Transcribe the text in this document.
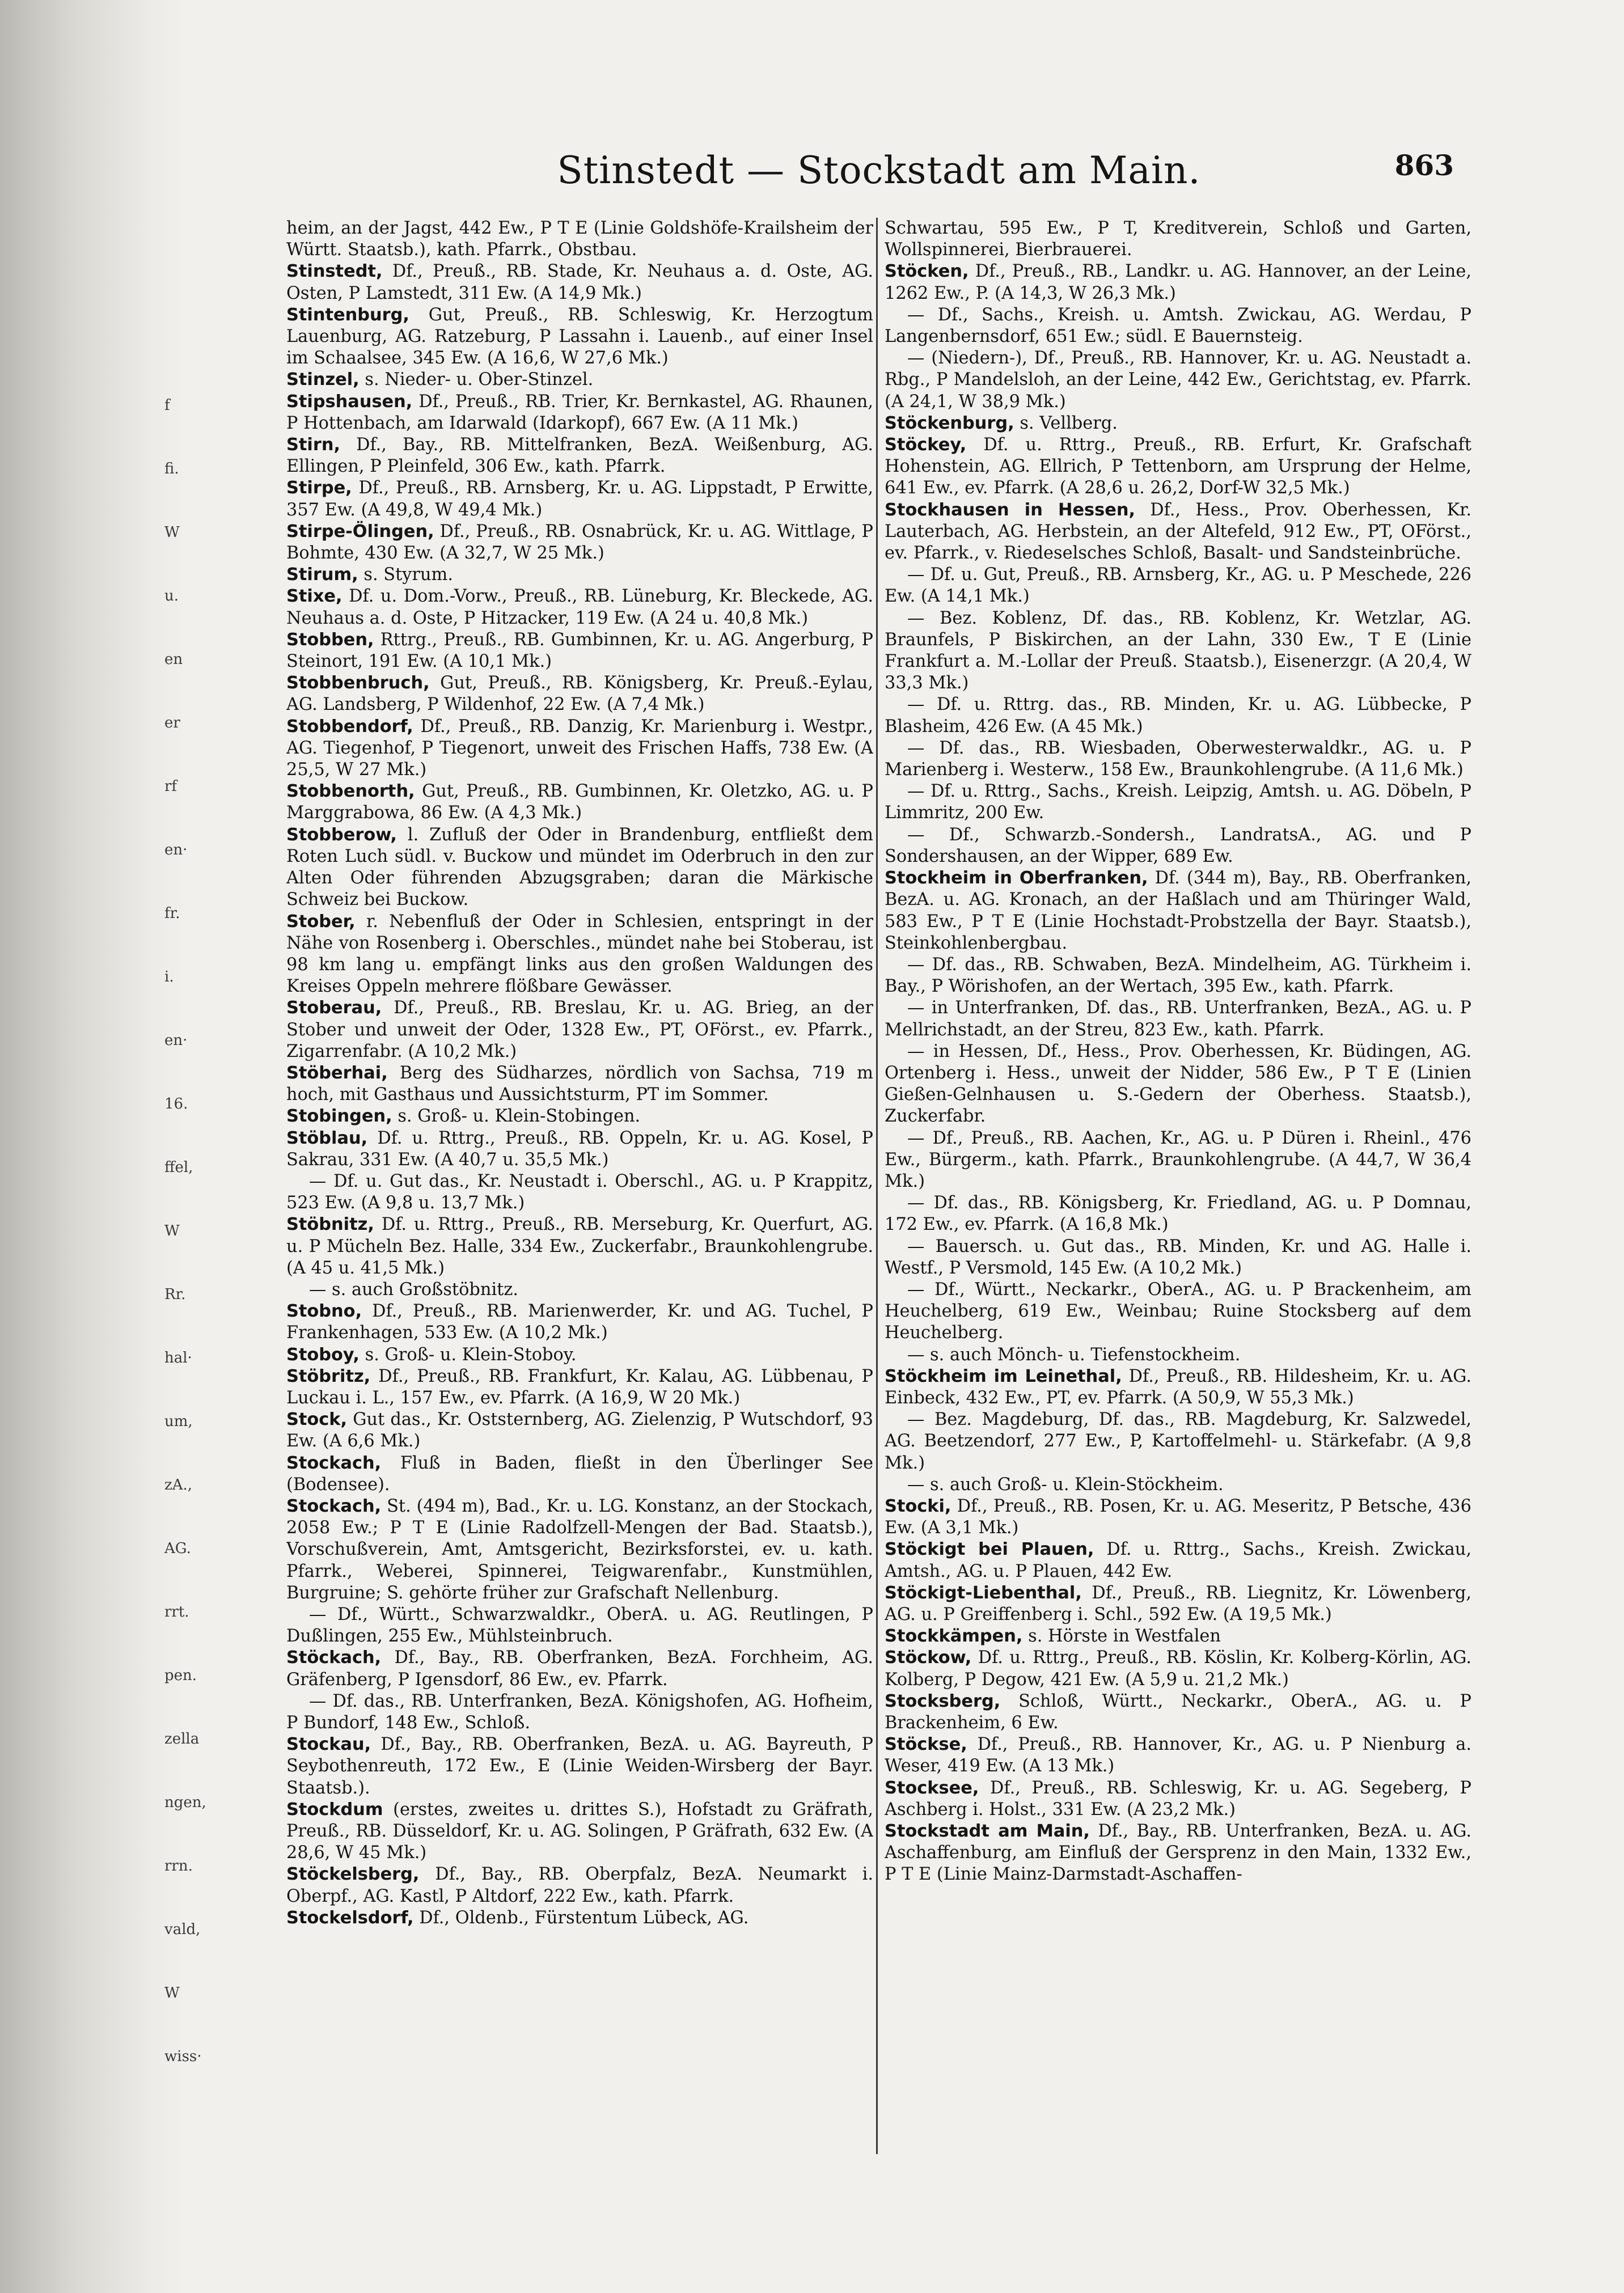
Stinstedt — Stockstadt am Main.	863
f
fi.
W
u.
en
er
rf
en·
fr.
i.
en·
16.
ffel,
W
Rr.
hal·
um,
zA.,
AG.
rrt.
pen.
zella
ngen,
rrn.
vald,
W
wiss·

heim, an der Jagst, 442 Ew., P T E (Linie Goldshöfe-Krailsheim der Württ. Staatsb.), kath. Pfarrk., Obstbau.

Stinstedt, Df., Preuß., RB. Stade, Kr. Neuhaus a. d. Oste, AG. Osten, P Lamstedt, 311 Ew. (A 14,9 Mk.)

Stintenburg, Gut, Preuß., RB. Schleswig, Kr. Herzogtum Lauenburg, AG. Ratzeburg, P Lassahn i. Lauenb., auf einer Insel im Schaalsee, 345 Ew. (A 16,6, W 27,6 Mk.)

Stinzel, s. Nieder- u. Ober-Stinzel.

Stipshausen, Df., Preuß., RB. Trier, Kr. Bernkastel, AG. Rhaunen, P Hottenbach, am Idarwald (Idarkopf), 667 Ew. (A 11 Mk.)

Stirn, Df., Bay., RB. Mittelfranken, BezA. Weißenburg, AG. Ellingen, P Pleinfeld, 306 Ew., kath. Pfarrk.

Stirpe, Df., Preuß., RB. Arnsberg, Kr. u. AG. Lippstadt, P Erwitte, 357 Ew. (A 49,8, W 49,4 Mk.)

Stirpe-Ölingen, Df., Preuß., RB. Osnabrück, Kr. u. AG. Wittlage, P Bohmte, 430 Ew. (A 32,7, W 25 Mk.)

Stirum, s. Styrum.

Stixe, Df. u. Dom.-Vorw., Preuß., RB. Lüneburg, Kr. Bleckede, AG. Neuhaus a. d. Oste, P Hitzacker, 119 Ew. (A 24 u. 40,8 Mk.)

Stobben, Rttrg., Preuß., RB. Gumbinnen, Kr. u. AG. Angerburg, P Steinort, 191 Ew. (A 10,1 Mk.)

Stobbenbruch, Gut, Preuß., RB. Königsberg, Kr. Preuß.-Eylau, AG. Landsberg, P Wildenhof, 22 Ew. (A 7,4 Mk.)

Stobbendorf, Df., Preuß., RB. Danzig, Kr. Marienburg i. Westpr., AG. Tiegenhof, P Tiegenort, unweit des Frischen Haffs, 738 Ew. (A 25,5, W 27 Mk.)

Stobbenorth, Gut, Preuß., RB. Gumbinnen, Kr. Oletzko, AG. u. P Marggrabowa, 86 Ew. (A 4,3 Mk.)

Stobberow, l. Zufluß der Oder in Brandenburg, entfließt dem Roten Luch südl. v. Buckow und mündet im Oderbruch in den zur Alten Oder führenden Abzugsgraben; daran die Märkische Schweiz bei Buckow.

Stober, r. Nebenfluß der Oder in Schlesien, entspringt in der Nähe von Rosenberg i. Oberschles., mündet nahe bei Stoberau, ist 98 km lang u. empfängt links aus den großen Waldungen des Kreises Oppeln mehrere flößbare Gewässer.

Stoberau, Df., Preuß., RB. Breslau, Kr. u. AG. Brieg, an der Stober und unweit der Oder, 1328 Ew., PT, OFörst., ev. Pfarrk., Zigarrenfabr. (A 10,2 Mk.)

Stöberhai, Berg des Südharzes, nördlich von Sachsa, 719 m hoch, mit Gasthaus und Aussichtsturm, PT im Sommer.

Stobingen, s. Groß- u. Klein-Stobingen.

Stöblau, Df. u. Rttrg., Preuß., RB. Oppeln, Kr. u. AG. Kosel, P Sakrau, 331 Ew. (A 40,7 u. 35,5 Mk.)

— Df. u. Gut das., Kr. Neustadt i. Oberschl., AG. u. P Krappitz, 523 Ew. (A 9,8 u. 13,7 Mk.)

Stöbnitz, Df. u. Rttrg., Preuß., RB. Merseburg, Kr. Querfurt, AG. u. P Mücheln Bez. Halle, 334 Ew., Zuckerfabr., Braunkohlengrube. (A 45 u. 41,5 Mk.)

— s. auch Großstöbnitz.

Stobno, Df., Preuß., RB. Marienwerder, Kr. und AG. Tuchel, P Frankenhagen, 533 Ew. (A 10,2 Mk.)

Stoboy, s. Groß- u. Klein-Stoboy.

Stöbritz, Df., Preuß., RB. Frankfurt, Kr. Kalau, AG. Lübbenau, P Luckau i. L., 157 Ew., ev. Pfarrk. (A 16,9, W 20 Mk.)

Stock, Gut das., Kr. Oststernberg, AG. Zielenzig, P Wutschdorf, 93 Ew. (A 6,6 Mk.)

Stockach, Fluß in Baden, fließt in den Überlinger See (Bodensee).

Stockach, St. (494 m), Bad., Kr. u. LG. Konstanz, an der Stockach, 2058 Ew.; P T E (Linie Radolfzell-Mengen der Bad. Staatsb.), Vorschußverein, Amt, Amtsgericht, Bezirksforstei, ev. u. kath. Pfarrk., Weberei, Spinnerei, Teigwarenfabr., Kunstmühlen, Burgruine; S. gehörte früher zur Grafschaft Nellenburg.

— Df., Württ., Schwarzwaldkr., OberA. u. AG. Reutlingen, P Dußlingen, 255 Ew., Mühlsteinbruch.

Stöckach, Df., Bay., RB. Oberfranken, BezA. Forchheim, AG. Gräfenberg, P Igensdorf, 86 Ew., ev. Pfarrk.

— Df. das., RB. Unterfranken, BezA. Königshofen, AG. Hofheim, P Bundorf, 148 Ew., Schloß.

Stockau, Df., Bay., RB. Oberfranken, BezA. u. AG. Bayreuth, P Seybothenreuth, 172 Ew., E (Linie Weiden-Wirsberg der Bayr. Staatsb.).

Stockdum (erstes, zweites u. drittes S.), Hofstadt zu Gräfrath, Preuß., RB. Düsseldorf, Kr. u. AG. Solingen, P Gräfrath, 632 Ew. (A 28,6, W 45 Mk.)

Stöckelsberg, Df., Bay., RB. Oberpfalz, BezA. Neumarkt i. Oberpf., AG. Kastl, P Altdorf, 222 Ew., kath. Pfarrk.

Stockelsdorf, Df., Oldenb., Fürstentum Lübeck, AG.

Schwartau, 595 Ew., P T, Kreditverein, Schloß und Garten, Wollspinnerei, Bierbrauerei.

Stöcken, Df., Preuß., RB., Landkr. u. AG. Hannover, an der Leine, 1262 Ew., P. (A 14,3, W 26,3 Mk.)

— Df., Sachs., Kreish. u. Amtsh. Zwickau, AG. Werdau, P Langenbernsdorf, 651 Ew.; südl. E Bauernsteig.

— (Niedern-), Df., Preuß., RB. Hannover, Kr. u. AG. Neustadt a. Rbg., P Mandelsloh, an der Leine, 442 Ew., Gerichtstag, ev. Pfarrk. (A 24,1, W 38,9 Mk.)

Stöckenburg, s. Vellberg.

Stöckey, Df. u. Rttrg., Preuß., RB. Erfurt, Kr. Grafschaft Hohenstein, AG. Ellrich, P Tettenborn, am Ursprung der Helme, 641 Ew., ev. Pfarrk. (A 28,6 u. 26,2, Dorf-W 32,5 Mk.)

Stockhausen in Hessen, Df., Hess., Prov. Oberhessen, Kr. Lauterbach, AG. Herbstein, an der Altefeld, 912 Ew., PT, OFörst., ev. Pfarrk., v. Riedeselsches Schloß, Basalt- und Sandsteinbrüche.

— Df. u. Gut, Preuß., RB. Arnsberg, Kr., AG. u. P Meschede, 226 Ew. (A 14,1 Mk.)

— Bez. Koblenz, Df. das., RB. Koblenz, Kr. Wetzlar, AG. Braunfels, P Biskirchen, an der Lahn, 330 Ew., T E (Linie Frankfurt a. M.-Lollar der Preuß. Staatsb.), Eisenerzgr. (A 20,4, W 33,3 Mk.)

— Df. u. Rttrg. das., RB. Minden, Kr. u. AG. Lübbecke, P Blasheim, 426 Ew. (A 45 Mk.)

— Df. das., RB. Wiesbaden, Oberwesterwaldkr., AG. u. P Marienberg i. Westerw., 158 Ew., Braunkohlengrube. (A 11,6 Mk.)

— Df. u. Rttrg., Sachs., Kreish. Leipzig, Amtsh. u. AG. Döbeln, P Limmritz, 200 Ew.

— Df., Schwarzb.-Sondersh., LandratsA., AG. und P Sondershausen, an der Wipper, 689 Ew.

Stockheim in Oberfranken, Df. (344 m), Bay., RB. Oberfranken, BezA. u. AG. Kronach, an der Haßlach und am Thüringer Wald, 583 Ew., P T E (Linie Hochstadt-Probstzella der Bayr. Staatsb.), Steinkohlenbergbau.

— Df. das., RB. Schwaben, BezA. Mindelheim, AG. Türkheim i. Bay., P Wörishofen, an der Wertach, 395 Ew., kath. Pfarrk.

— in Unterfranken, Df. das., RB. Unterfranken, BezA., AG. u. P Mellrichstadt, an der Streu, 823 Ew., kath. Pfarrk.

— in Hessen, Df., Hess., Prov. Oberhessen, Kr. Büdingen, AG. Ortenberg i. Hess., unweit der Nidder, 586 Ew., P T E (Linien Gießen-Gelnhausen u. S.-Gedern der Oberhess. Staatsb.), Zuckerfabr.

— Df., Preuß., RB. Aachen, Kr., AG. u. P Düren i. Rheinl., 476 Ew., Bürgerm., kath. Pfarrk., Braunkohlengrube. (A 44,7, W 36,4 Mk.)

— Df. das., RB. Königsberg, Kr. Friedland, AG. u. P Domnau, 172 Ew., ev. Pfarrk. (A 16,8 Mk.)

— Bauersch. u. Gut das., RB. Minden, Kr. und AG. Halle i. Westf., P Versmold, 145 Ew. (A 10,2 Mk.)

— Df., Württ., Neckarkr., OberA., AG. u. P Brackenheim, am Heuchelberg, 619 Ew., Weinbau; Ruine Stocksberg auf dem Heuchelberg.

— s. auch Mönch- u. Tiefenstockheim.

Stöckheim im Leinethal, Df., Preuß., RB. Hildesheim, Kr. u. AG. Einbeck, 432 Ew., PT, ev. Pfarrk. (A 50,9, W 55,3 Mk.)

— Bez. Magdeburg, Df. das., RB. Magdeburg, Kr. Salzwedel, AG. Beetzendorf, 277 Ew., P, Kartoffelmehl- u. Stärkefabr. (A 9,8 Mk.)

— s. auch Groß- u. Klein-Stöckheim.

Stocki, Df., Preuß., RB. Posen, Kr. u. AG. Meseritz, P Betsche, 436 Ew. (A 3,1 Mk.)

Stöckigt bei Plauen, Df. u. Rttrg., Sachs., Kreish. Zwickau, Amtsh., AG. u. P Plauen, 442 Ew.

Stöckigt-Liebenthal, Df., Preuß., RB. Liegnitz, Kr. Löwenberg, AG. u. P Greiffenberg i. Schl., 592 Ew. (A 19,5 Mk.)

Stockkämpen, s. Hörste in Westfalen

Stöckow, Df. u. Rttrg., Preuß., RB. Köslin, Kr. Kolberg-Körlin, AG. Kolberg, P Degow, 421 Ew. (A 5,9 u. 21,2 Mk.)

Stocksberg, Schloß, Württ., Neckarkr., OberA., AG. u. P Brackenheim, 6 Ew.

Stöckse, Df., Preuß., RB. Hannover, Kr., AG. u. P Nienburg a. Weser, 419 Ew. (A 13 Mk.)

Stocksee, Df., Preuß., RB. Schleswig, Kr. u. AG. Segeberg, P Aschberg i. Holst., 331 Ew. (A 23,2 Mk.)

Stockstadt am Main, Df., Bay., RB. Unterfranken, BezA. u. AG. Aschaffenburg, am Einfluß der Gersprenz in den Main, 1332 Ew., P T E (Linie Mainz-Darmstadt-Aschaffen-
